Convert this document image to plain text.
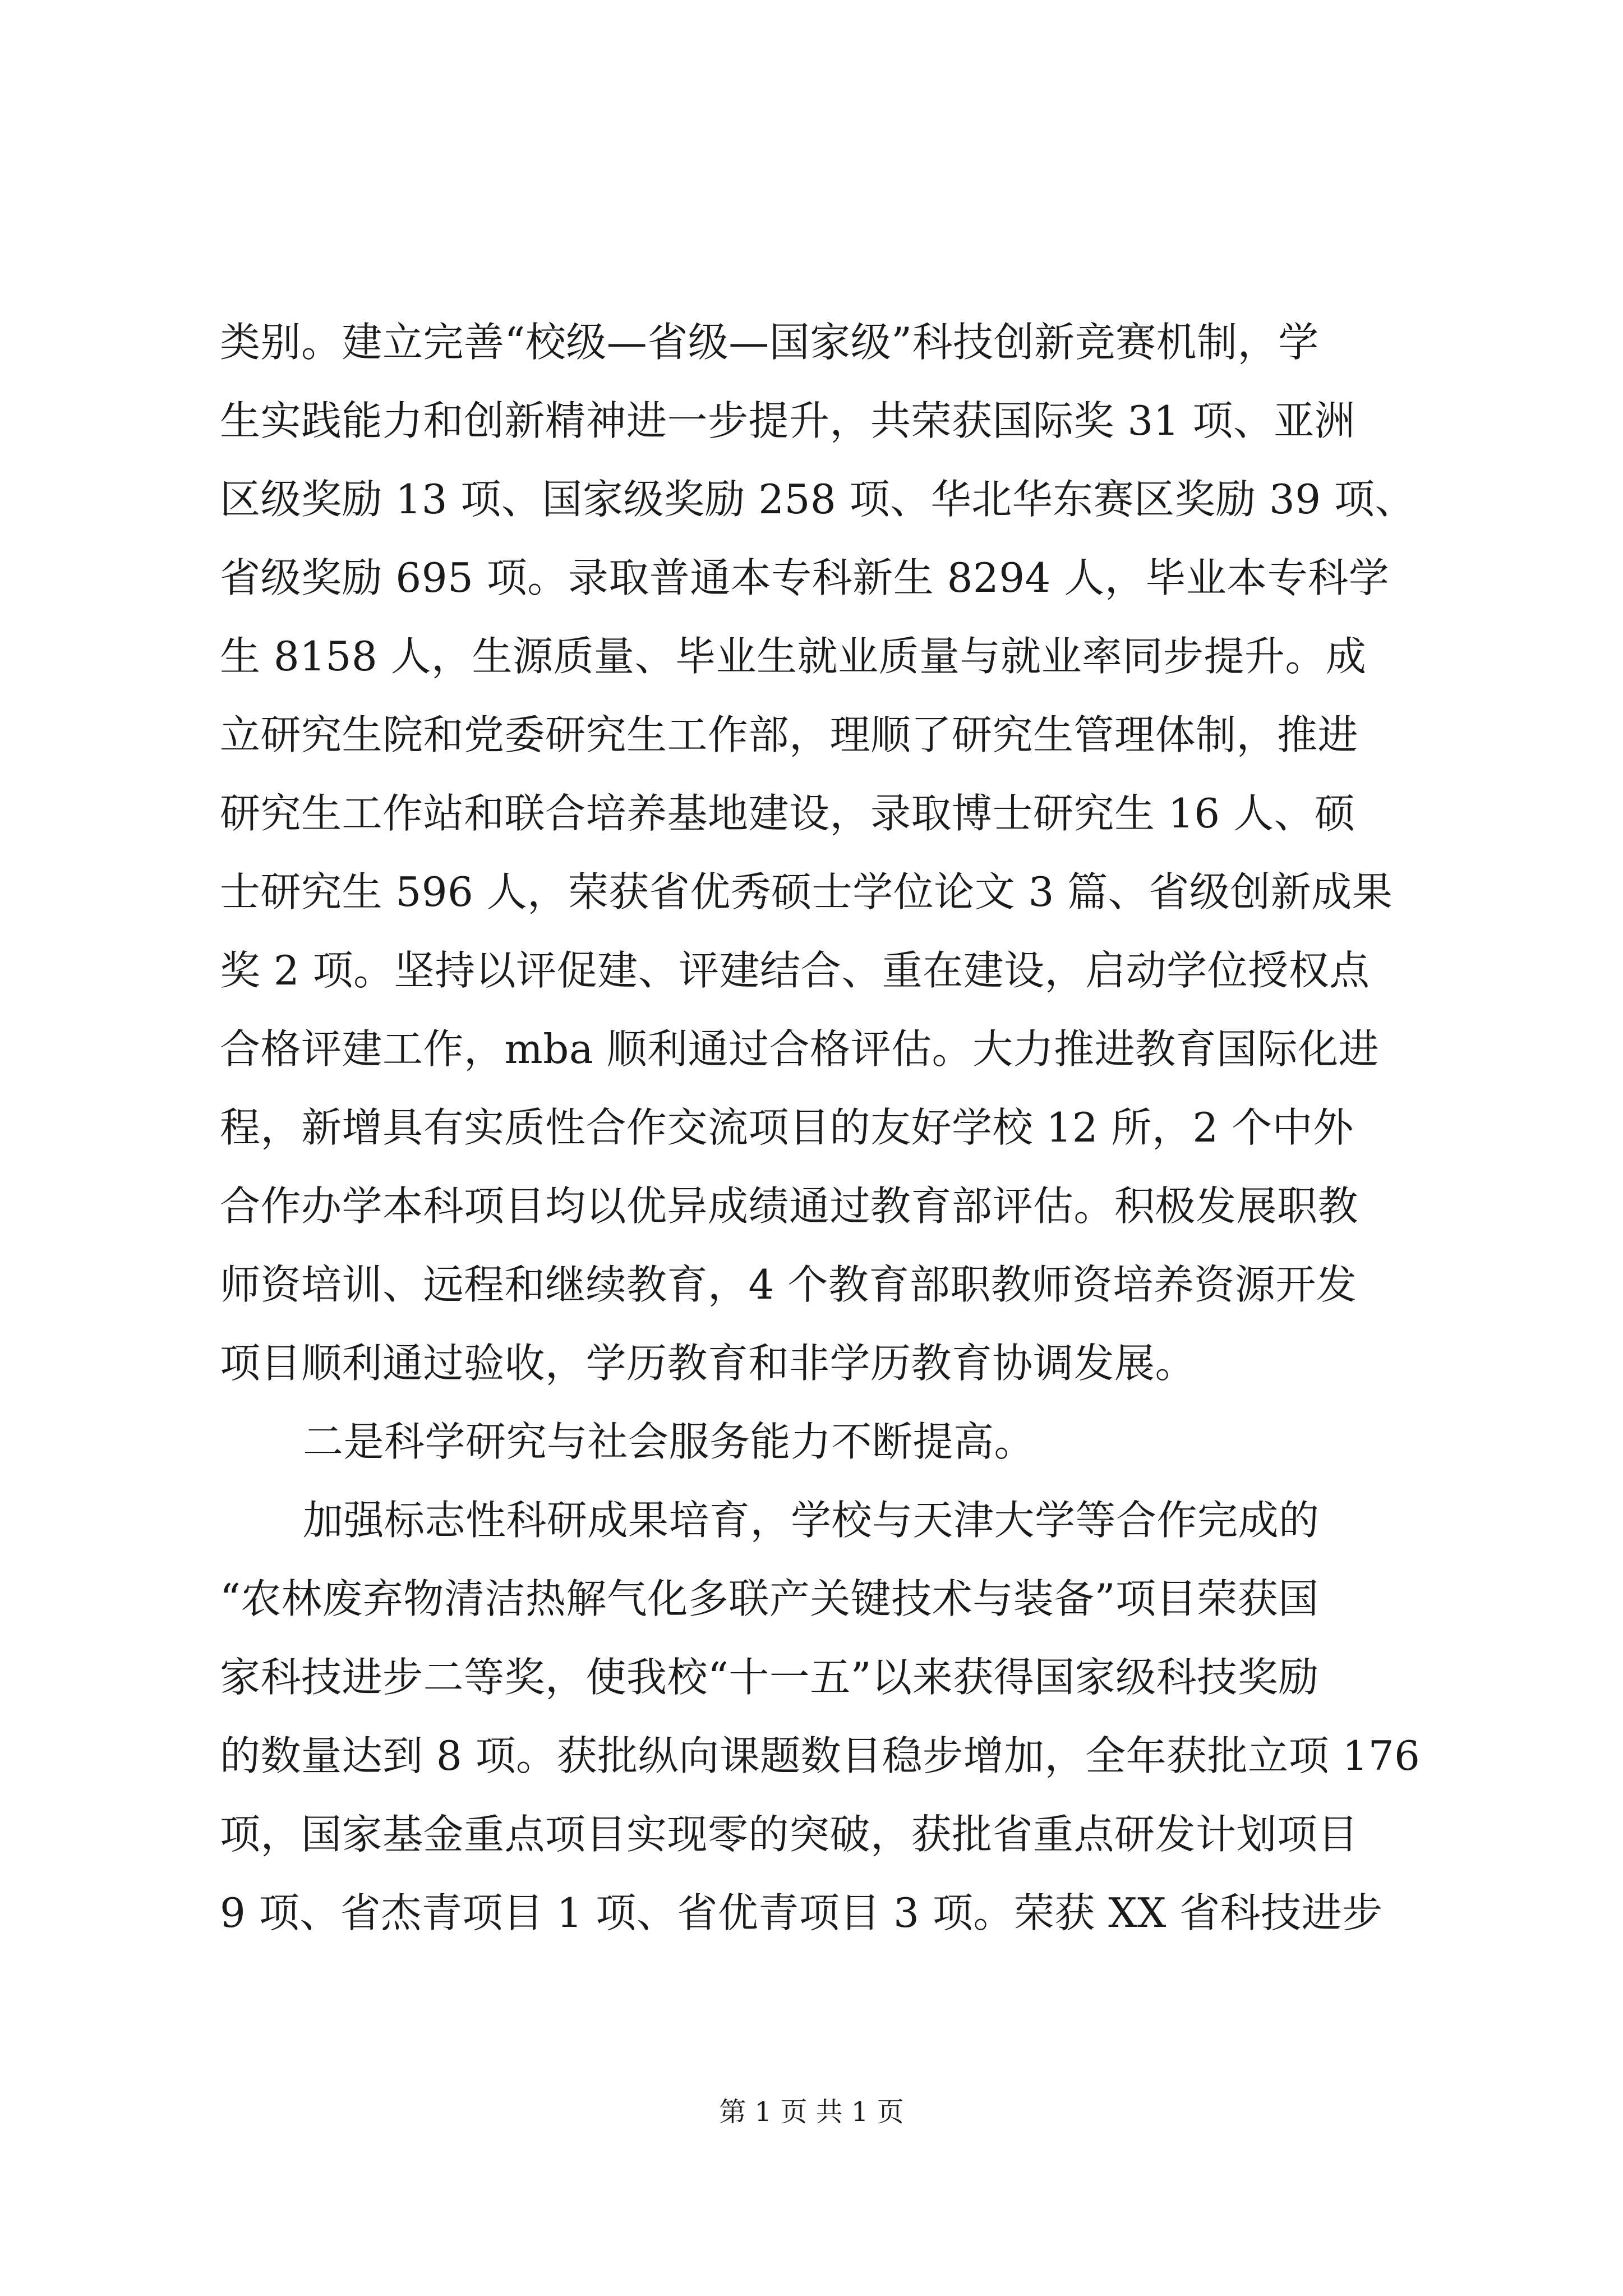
类别。建立完善“校级—省级—国家级”科技创新竞赛机制，学
生实践能力和创新精神进一步提升，共荣获国际奖 31 项、亚洲
区级奖励 13 项、国家级奖励 258 项、华北华东赛区奖励 39 项、
省级奖励 695 项。录取普通本专科新生 8294 人，毕业本专科学
生 8158 人，生源质量、毕业生就业质量与就业率同步提升。成
立研究生院和党委研究生工作部，理顺了研究生管理体制，推进
研究生工作站和联合培养基地建设，录取博士研究生 16 人、硕
士研究生 596 人，荣获省优秀硕士学位论文 3 篇、省级创新成果
奖 2 项。坚持以评促建、评建结合、重在建设，启动学位授权点
合格评建工作，mba 顺利通过合格评估。大力推进教育国际化进
程，新增具有实质性合作交流项目的友好学校 12 所，2 个中外
合作办学本科项目均以优异成绩通过教育部评估。积极发展职教
师资培训、远程和继续教育，4 个教育部职教师资培养资源开发
项目顺利通过验收，学历教育和非学历教育协调发展。
二是科学研究与社会服务能力不断提高。
加强标志性科研成果培育，学校与天津大学等合作完成的
“农林废弃物清洁热解气化多联产关键技术与装备”项目荣获国
家科技进步二等奖，使我校“十一五”以来获得国家级科技奖励
的数量达到 8 项。获批纵向课题数目稳步增加，全年获批立项 176
项，国家基金重点项目实现零的突破，获批省重点研发计划项目
9 项、省杰青项目 1 项、省优青项目 3 项。荣获 XX 省科技进步
第 1 页 共 1 页
